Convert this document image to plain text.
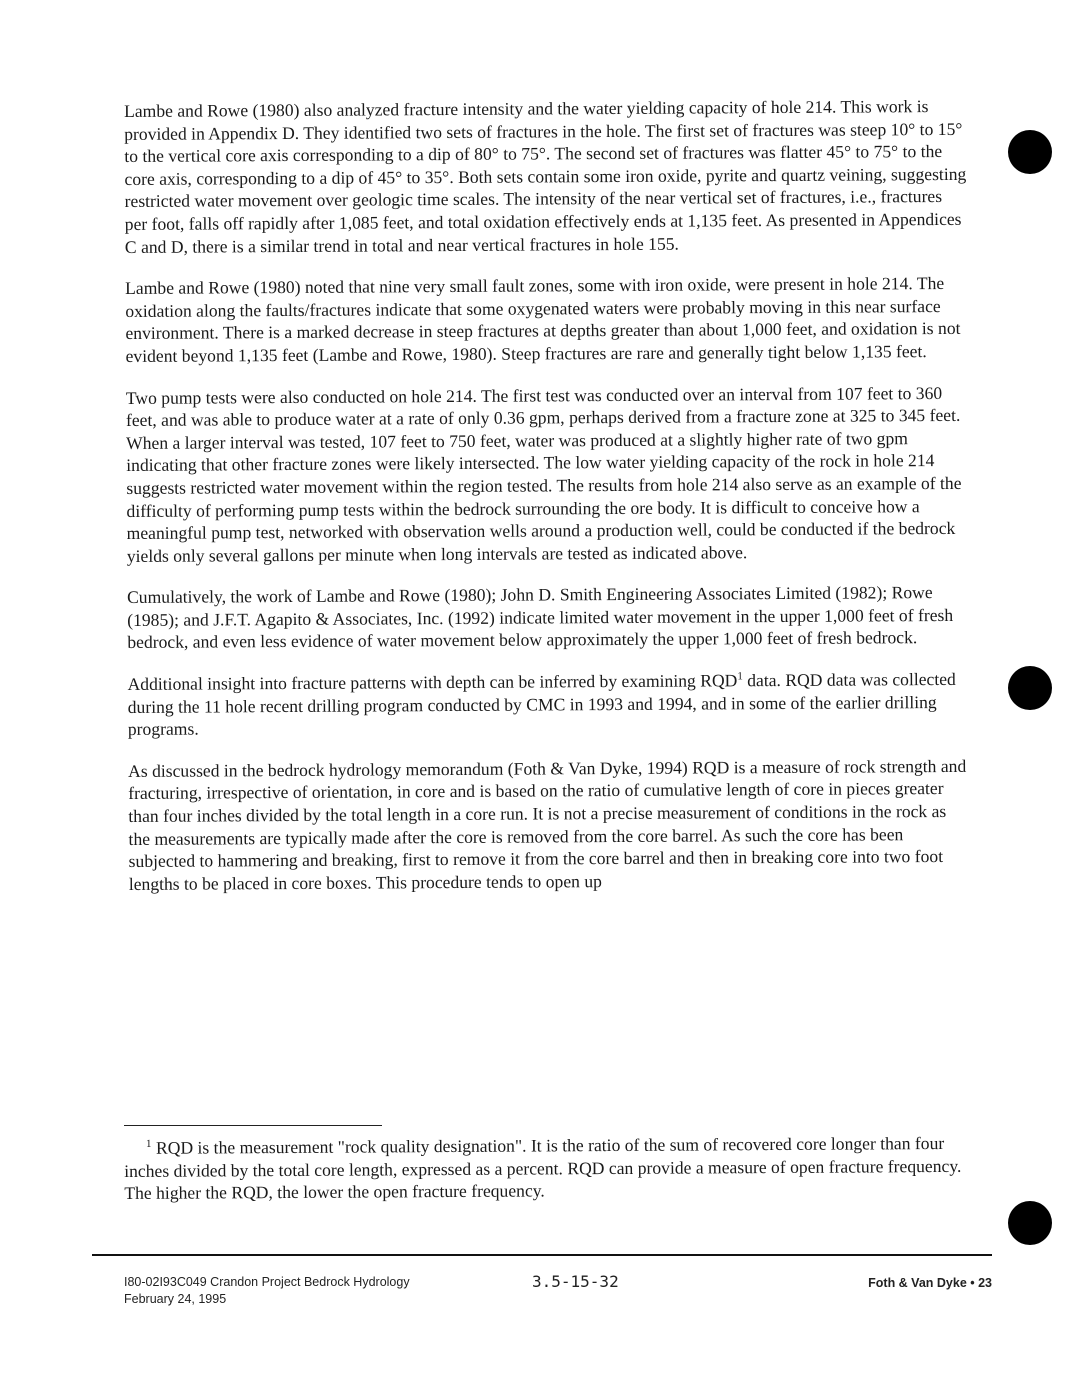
Lambe and Rowe (1980) also analyzed fracture intensity and the water yielding capacity of hole 214. This work is provided in Appendix D. They identified two sets of fractures in the hole. The first set of fractures was steep 10° to 15° to the vertical core axis corresponding to a dip of 80° to 75°. The second set of fractures was flatter 45° to 75° to the core axis, corresponding to a dip of 45° to 35°. Both sets contain some iron oxide, pyrite and quartz veining, suggesting restricted water movement over geologic time scales. The intensity of the near vertical set of fractures, i.e., fractures per foot, falls off rapidly after 1,085 feet, and total oxidation effectively ends at 1,135 feet. As presented in Appendices C and D, there is a similar trend in total and near vertical fractures in hole 155.

Lambe and Rowe (1980) noted that nine very small fault zones, some with iron oxide, were present in hole 214. The oxidation along the faults/fractures indicate that some oxygenated waters were probably moving in this near surface environment. There is a marked decrease in steep fractures at depths greater than about 1,000 feet, and oxidation is not evident beyond 1,135 feet (Lambe and Rowe, 1980). Steep fractures are rare and generally tight below 1,135 feet.

Two pump tests were also conducted on hole 214. The first test was conducted over an interval from 107 feet to 360 feet, and was able to produce water at a rate of only 0.36 gpm, perhaps derived from a fracture zone at 325 to 345 feet. When a larger interval was tested, 107 feet to 750 feet, water was produced at a slightly higher rate of two gpm indicating that other fracture zones were likely intersected. The low water yielding capacity of the rock in hole 214 suggests restricted water movement within the region tested. The results from hole 214 also serve as an example of the difficulty of performing pump tests within the bedrock surrounding the ore body. It is difficult to conceive how a meaningful pump test, networked with observation wells around a production well, could be conducted if the bedrock yields only several gallons per minute when long intervals are tested as indicated above.

Cumulatively, the work of Lambe and Rowe (1980); John D. Smith Engineering Associates Limited (1982); Rowe (1985); and J.F.T. Agapito & Associates, Inc. (1992) indicate limited water movement in the upper 1,000 feet of fresh bedrock, and even less evidence of water movement below approximately the upper 1,000 feet of fresh bedrock.

Additional insight into fracture patterns with depth can be inferred by examining RQD$^1$ data. RQD data was collected during the 11 hole recent drilling program conducted by CMC in 1993 and 1994, and in some of the earlier drilling programs.

As discussed in the bedrock hydrology memorandum (Foth & Van Dyke, 1994) RQD is a measure of rock strength and fracturing, irrespective of orientation, in core and is based on the ratio of cumulative length of core in pieces greater than four inches divided by the total length in a core run. It is not a precise measurement of conditions in the rock as the measurements are typically made after the core is removed from the core barrel. As such the core has been subjected to hammering and breaking, first to remove it from the core barrel and then in breaking core into two foot lengths to be placed in core boxes. This procedure tends to open up

$^1$ RQD is the measurement "rock quality designation". It is the ratio of the sum of recovered core longer than four inches divided by the total core length, expressed as a percent. RQD can provide a measure of open fracture frequency. The higher the RQD, the lower the open fracture frequency.

I80-02I93C049 Crandon Project Bedrock Hydrology
February 24, 1995
3.5-15-32	Foth & Van Dyke • 23
